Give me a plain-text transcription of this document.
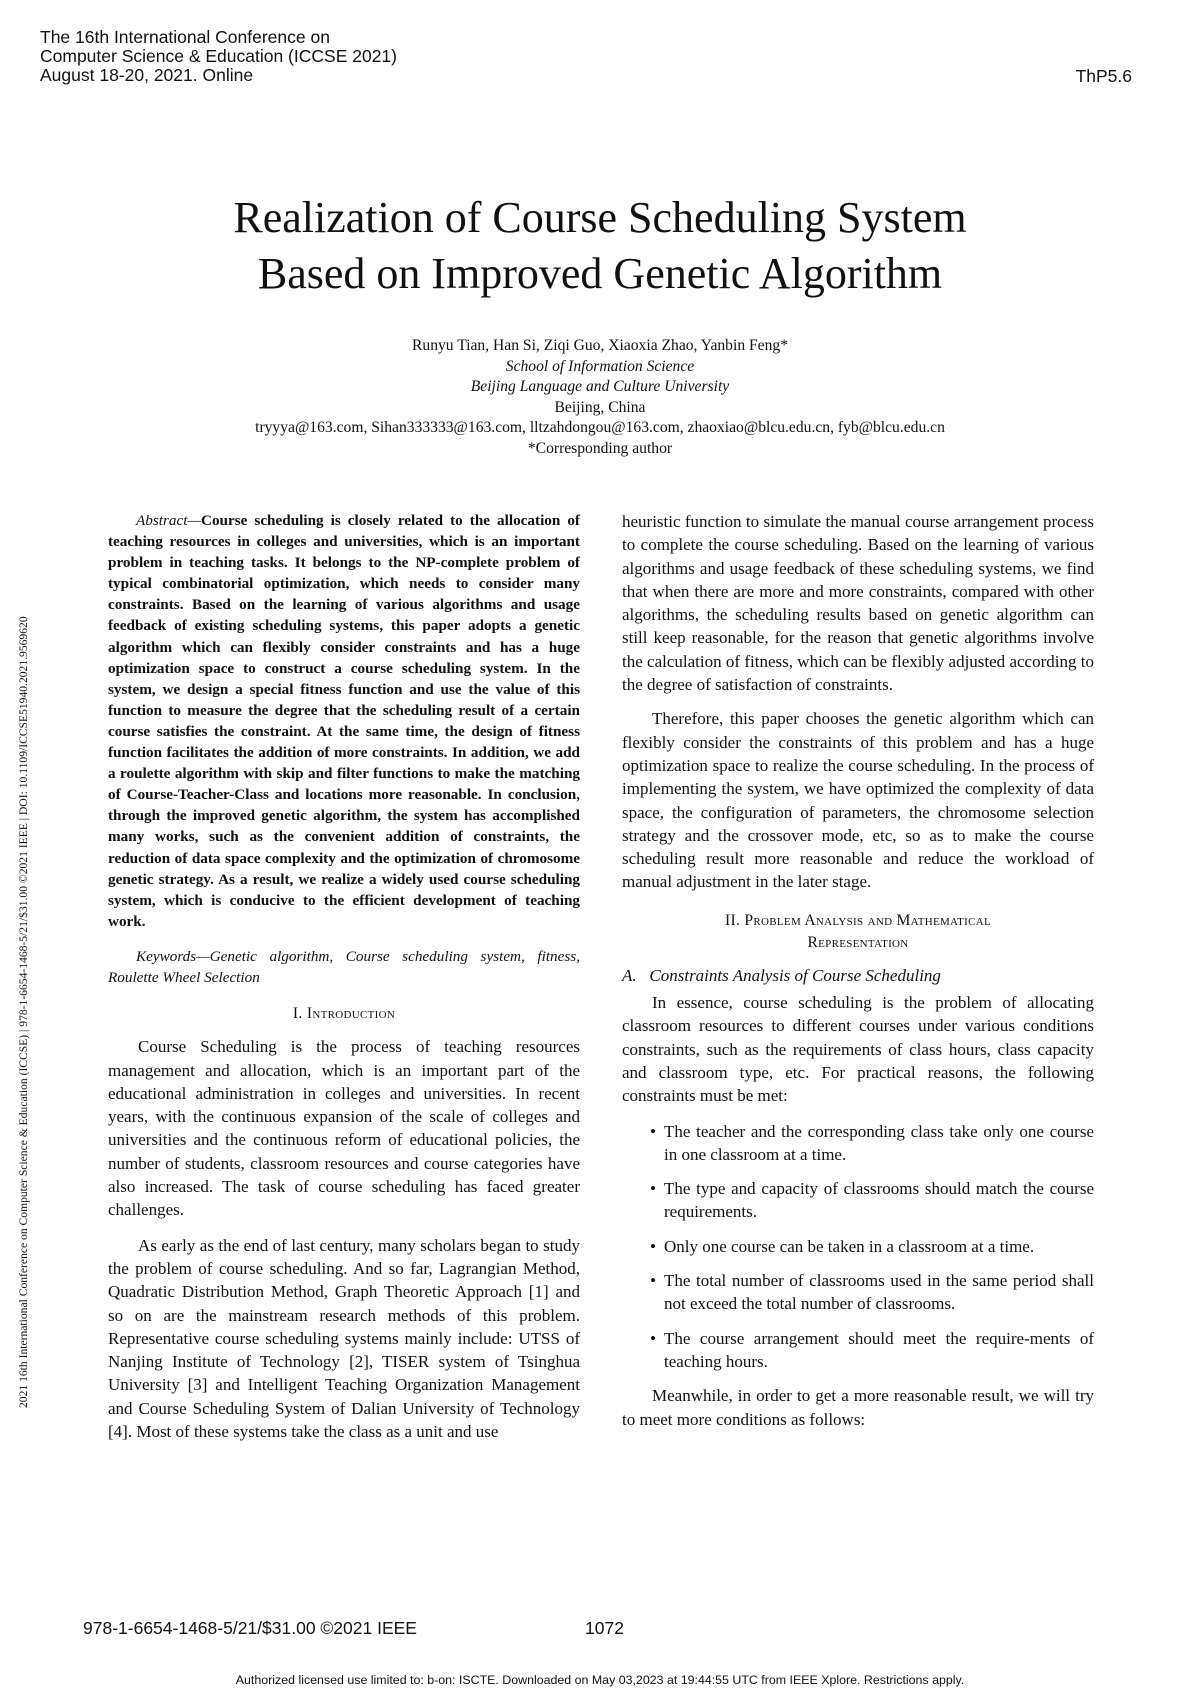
The 16th International Conference on
Computer Science & Education (ICCSE 2021)
August 18-20, 2021. Online	ThP5.6
2021 16th International Conference on Computer Science & Education (ICCSE) | 978-1-6654-1468-5/21/$31.00 ©2021 IEEE | DOI: 10.1109/ICCSE51940.2021.9569620
Realization of Course Scheduling System
Based on Improved Genetic Algorithm
Runyu Tian, Han Si, Ziqi Guo, Xiaoxia Zhao, Yanbin Feng*
School of Information Science
Beijing Language and Culture University
Beijing, China
tryyya@163.com, Sihan333333@163.com, lltzahdongou@163.com, zhaoxiao@blcu.edu.cn, fyb@blcu.edu.cn
*Corresponding author

Abstract—Course scheduling is closely related to the allocation of teaching resources in colleges and universities, which is an important problem in teaching tasks. It belongs to the NP-complete problem of typical combinatorial optimization, which needs to consider many constraints. Based on the learning of various algorithms and usage feedback of existing scheduling systems, this paper adopts a genetic algorithm which can flexibly consider constraints and has a huge optimization space to construct a course scheduling system. In the system, we design a special fitness function and use the value of this function to measure the degree that the scheduling result of a certain course satisfies the constraint. At the same time, the design of fitness function facilitates the addition of more constraints. In addition, we add a roulette algorithm with skip and filter functions to make the matching of Course-Teacher-Class and locations more reasonable. In conclusion, through the improved genetic algorithm, the system has accomplished many works, such as the convenient addition of constraints, the reduction of data space complexity and the optimization of chromosome genetic strategy. As a result, we realize a widely used course scheduling system, which is conducive to the efficient development of teaching work.

Keywords—Genetic algorithm, Course scheduling system, fitness, Roulette Wheel Selection

I. Introduction

Course Scheduling is the process of teaching resources management and allocation, which is an important part of the educational administration in colleges and universities. In recent years, with the continuous expansion of the scale of colleges and universities and the continuous reform of educational policies, the number of students, classroom resources and course categories have also increased. The task of course scheduling has faced greater challenges.

As early as the end of last century, many scholars began to study the problem of course scheduling. And so far, Lagrangian Method, Quadratic Distribution Method, Graph Theoretic Approach [1] and so on are the mainstream research methods of this problem. Representative course scheduling systems mainly include: UTSS of Nanjing Institute of Technology [2], TISER system of Tsinghua University [3] and Intelligent Teaching Organization Management and Course Scheduling System of Dalian University of Technology [4]. Most of these systems take the class as a unit and use

heuristic function to simulate the manual course arrangement process to complete the course scheduling. Based on the learning of various algorithms and usage feedback of these scheduling systems, we find that when there are more and more constraints, compared with other algorithms, the scheduling results based on genetic algorithm can still keep reasonable, for the reason that genetic algorithms involve the calculation of fitness, which can be flexibly adjusted according to the degree of satisfaction of constraints.

Therefore, this paper chooses the genetic algorithm which can flexibly consider the constraints of this problem and has a huge optimization space to realize the course scheduling. In the process of implementing the system, we have optimized the complexity of data space, the configuration of parameters, the chromosome selection strategy and the crossover mode, etc, so as to make the course scheduling result more reasonable and reduce the workload of manual adjustment in the later stage.

II. Problem Analysis and Mathematical
Representation
A. Constraints Analysis of Course Scheduling

In essence, course scheduling is the problem of allocating classroom resources to different courses under various conditions constraints, such as the requirements of class hours, class capacity and classroom type, etc. For practical reasons, the following constraints must be met:

• The teacher and the corresponding class take only one course in one classroom at a time.
• The type and capacity of classrooms should match the course requirements.
• Only one course can be taken in a classroom at a time.
• The total number of classrooms used in the same period shall not exceed the total number of classrooms.
• The course arrangement should meet the require-ments of teaching hours.

Meanwhile, in order to get a more reasonable result, we will try to meet more conditions as follows:

978-1-6654-1468-5/21/$31.00 ©2021 IEEE	1072
Authorized licensed use limited to: b-on: ISCTE. Downloaded on May 03,2023 at 19:44:55 UTC from IEEE Xplore. Restrictions apply.
